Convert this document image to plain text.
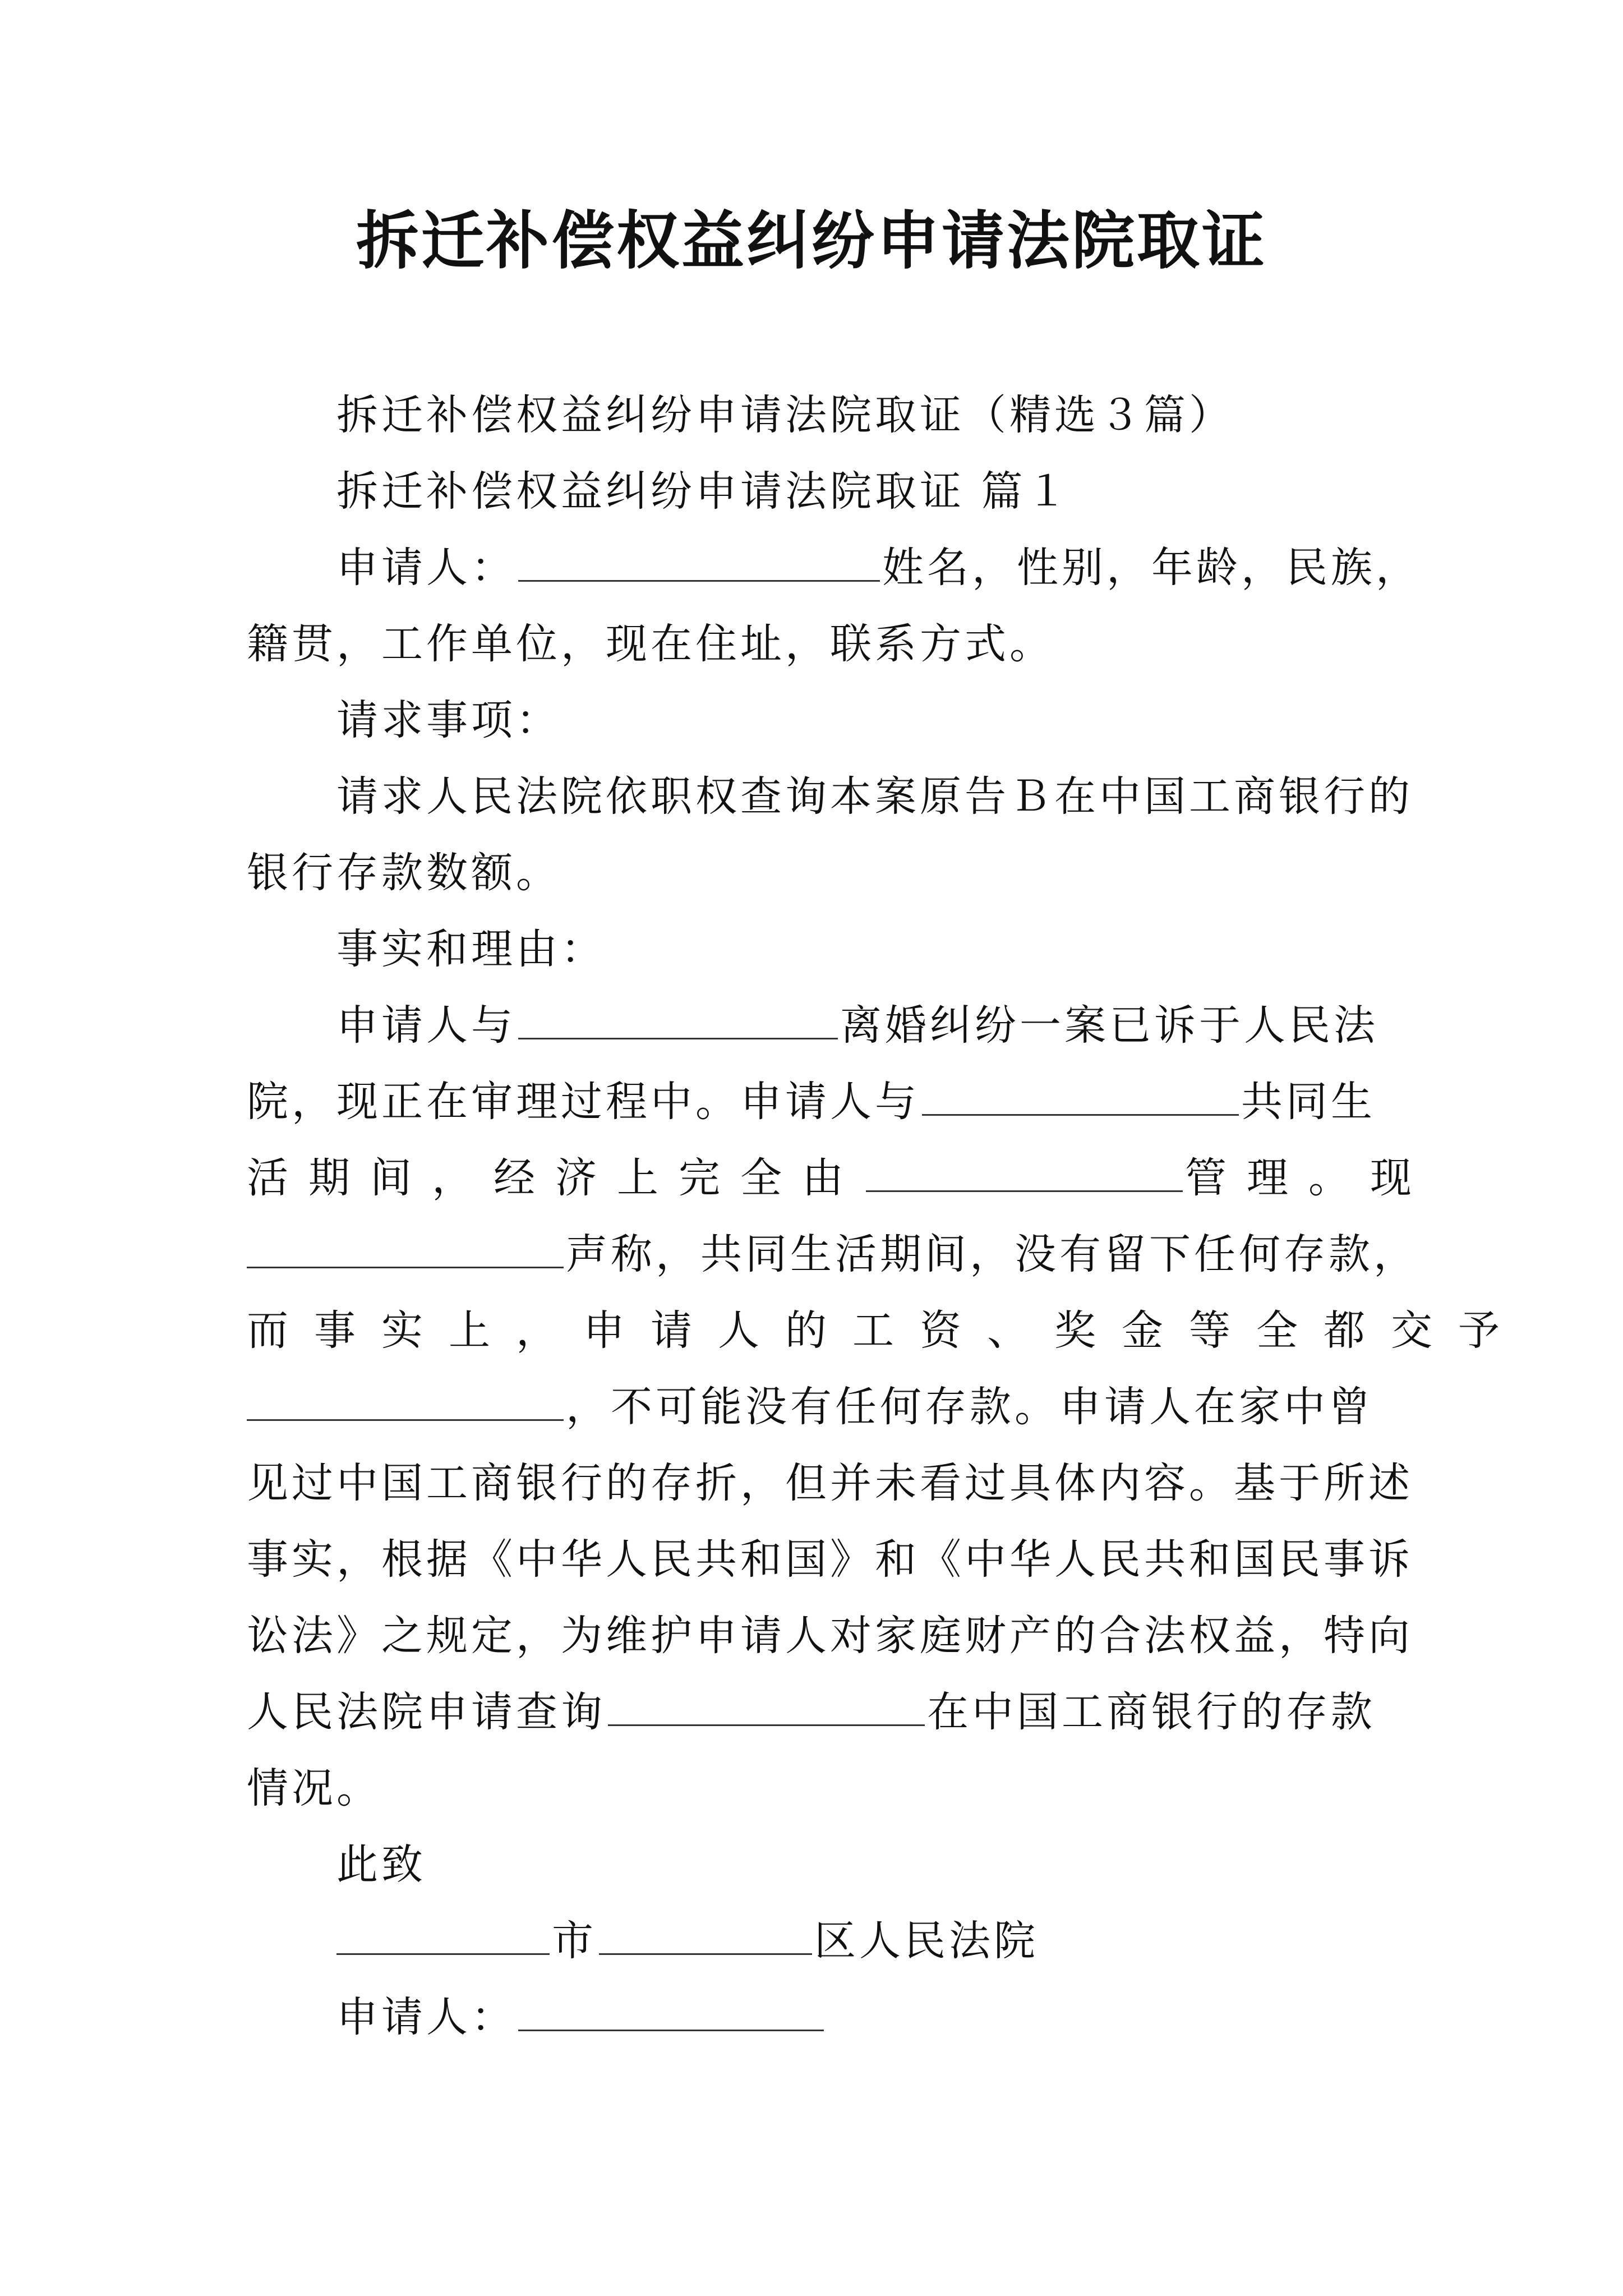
拆迁补偿权益纠纷申请法院取证
拆迁补偿权益纠纷申请法院取证（精选３篇）
拆迁补偿权益纠纷申请法院取证 篇１
申请人：	姓名，性别，年龄，民族，
籍贯，工作单位，现在住址，联系方式。
请求事项：
请求人民法院依职权查询本案原告Ｂ在中国工商银行的
银行存款数额。
事实和理由：
申请人与	离婚纠纷一案已诉于人民法
院，现正在审理过程中。申请人与	共同生
活期间，经济上完全由	管理。现
声称，共同生活期间，没有留下任何存款，
而事实上，申请人的工资、奖金等全都交予
，不可能没有任何存款。申请人在家中曾
见过中国工商银行的存折，但并未看过具体内容。基于所述
事实，根据《中华人民共和国》和《中华人民共和国民事诉
讼法》之规定，为维护申请人对家庭财产的合法权益，特向
人民法院申请查询	在中国工商银行的存款
情况。
此致
市	区人民法院
申请人：
